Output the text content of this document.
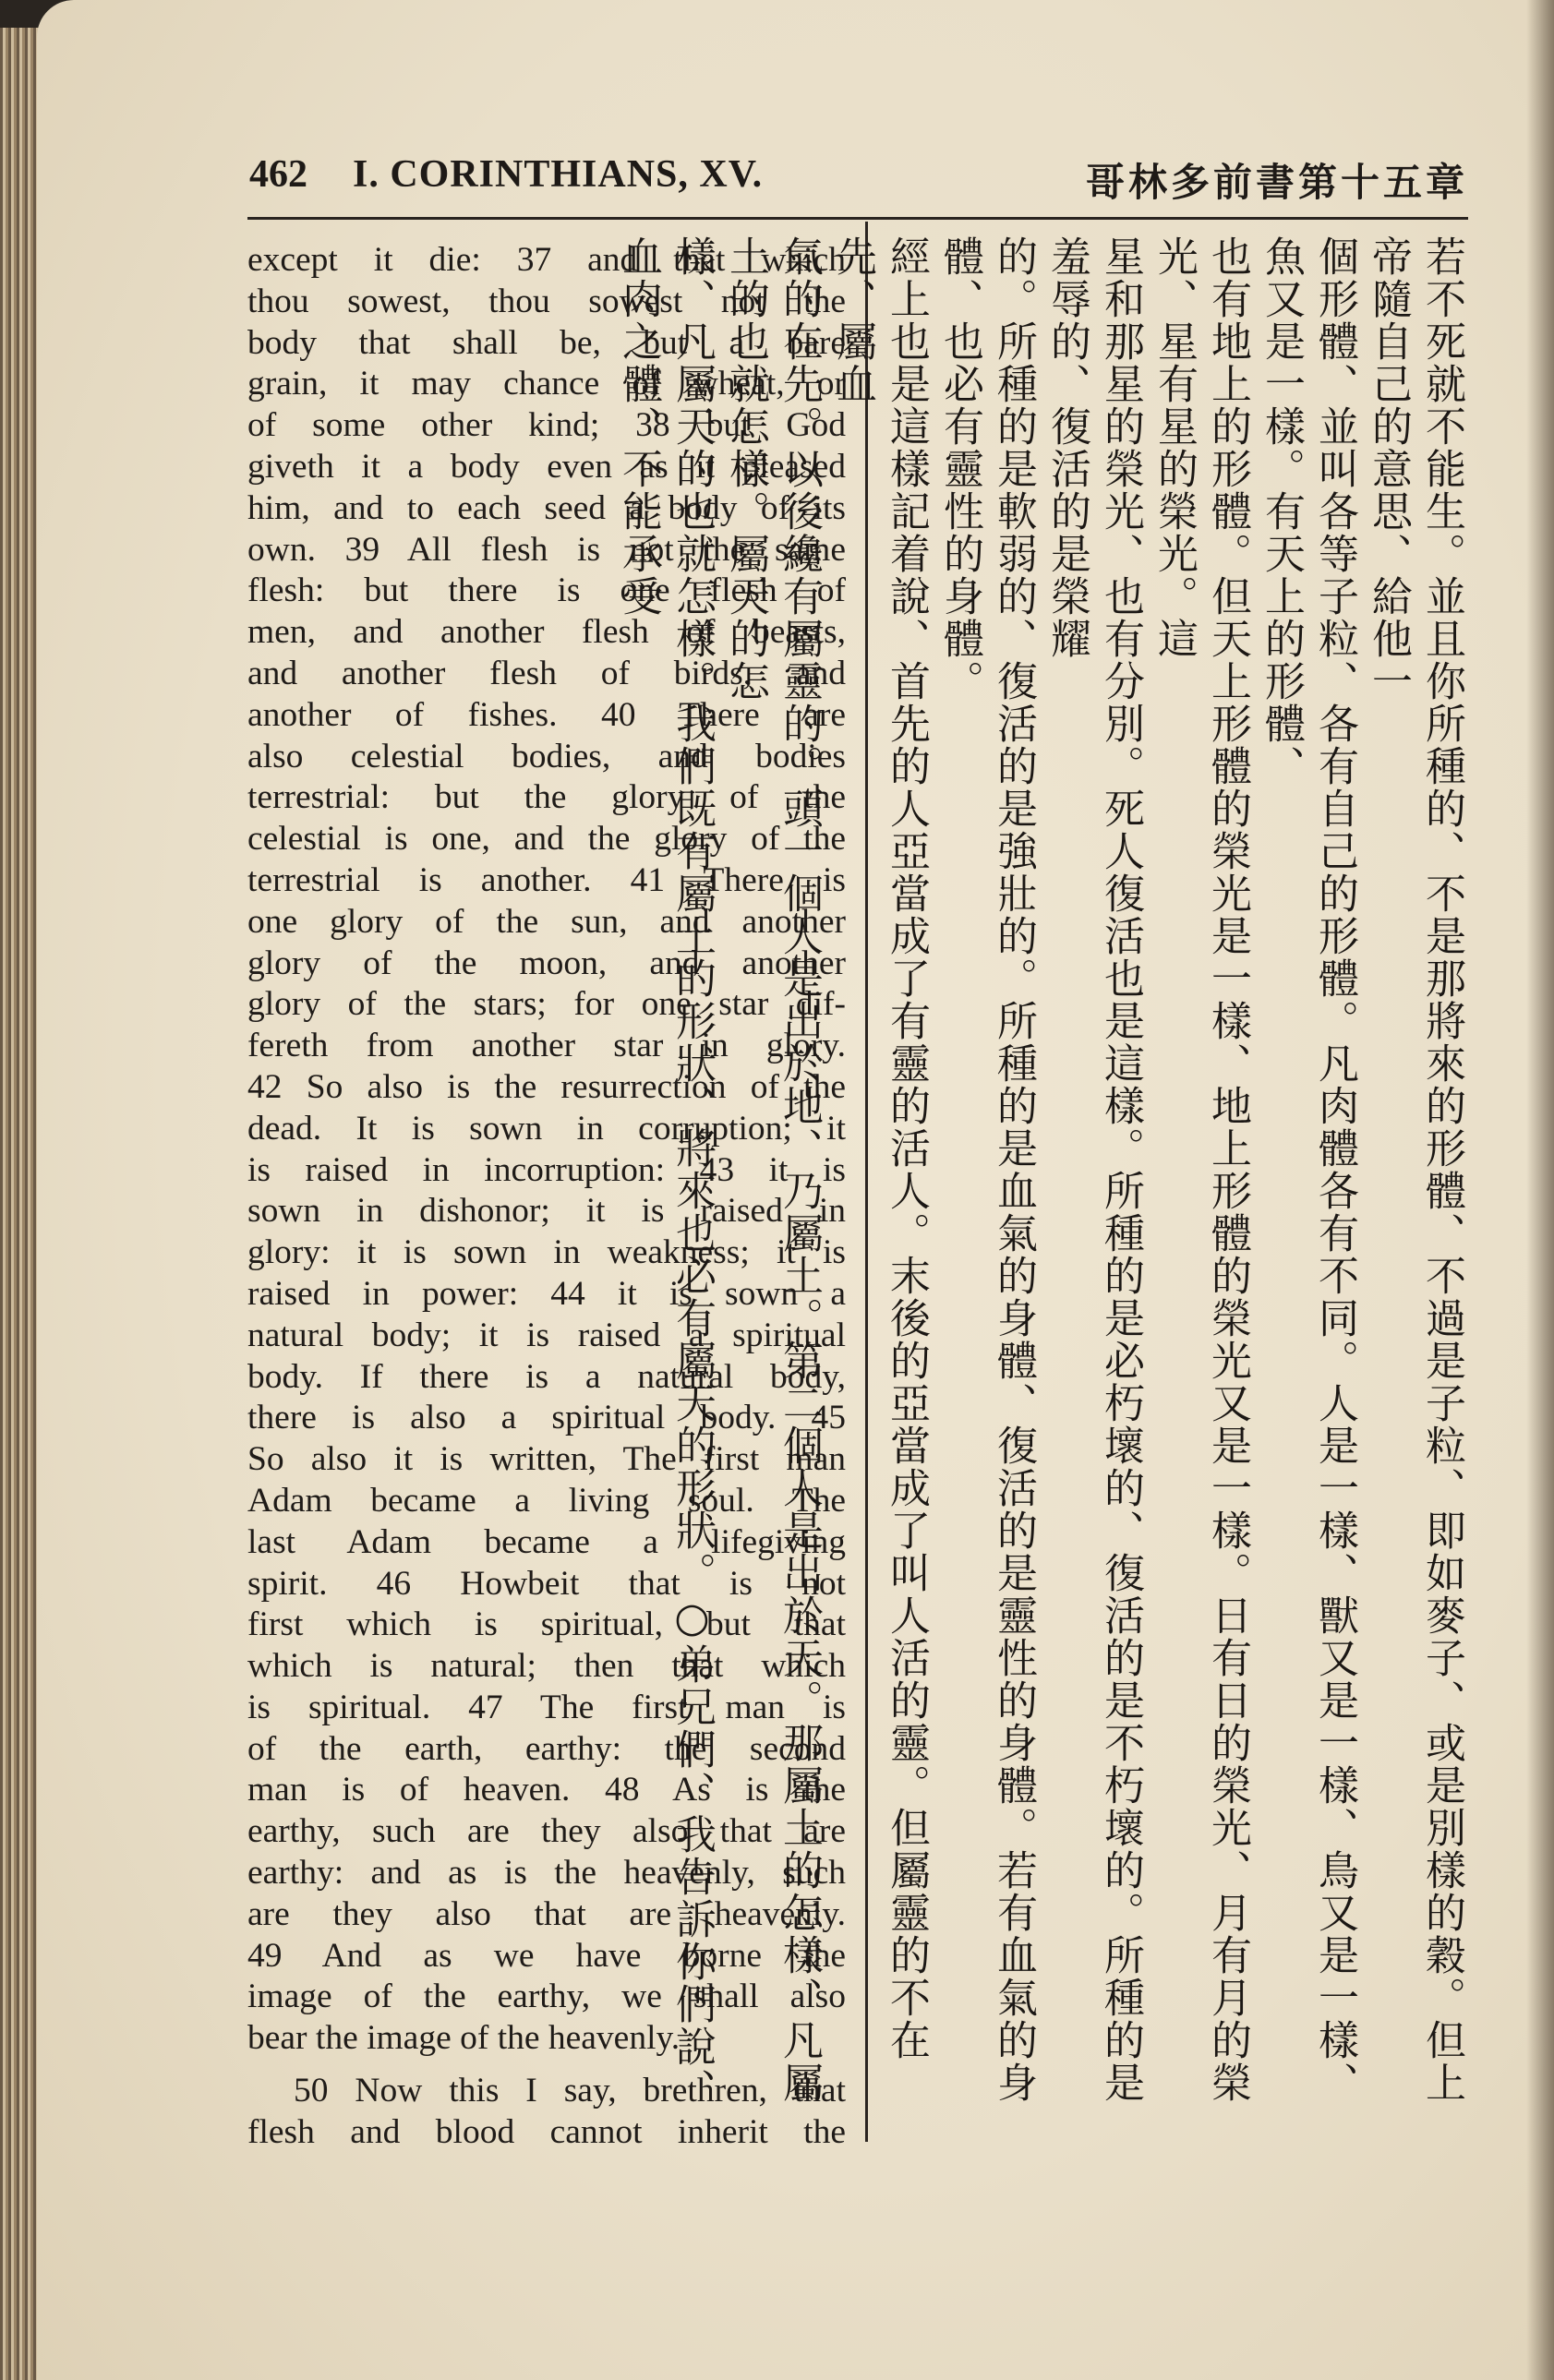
462 I. CORINTHIANS, XV.	哥林多前書第十五章
except it die: 37 and that which
thou sowest, thou sowest not the
body that shall be, but a bare
grain, it may chance of wheat, or
of some other kind; 38 but God
giveth it a body even as it pleased
him, and to each seed a body of its
own. 39 All flesh is not the same
flesh: but there is one flesh of
men, and another flesh of beasts,
and another flesh of birds, and
another of fishes. 40 There are
also celestial bodies, and bodies
terrestrial: but the glory of the
celestial is one, and the glory of the
terrestrial is another. 41 There is
one glory of the sun, and another
glory of the moon, and another
glory of the stars; for one star dif-
fereth from another star in glory.
42 So also is the resurrection of the
dead. It is sown in corruption; it
is raised in incorruption: 43 it is
sown in dishonor; it is raised in
glory: it is sown in weakness; it is
raised in power: 44 it is sown a
natural body; it is raised a spiritual
body. If there is a natural body,
there is also a spiritual body. 45
So also it is written, The first man
Adam became a living soul. The
last Adam became a lifegiving
spirit. 46 Howbeit that is not
first which is spiritual, but that
which is natural; then that which
is spiritual. 47 The first man is
of the earth, earthy: the second
man is of heaven. 48 As is the
earthy, such are they also that are
earthy: and as is the heavenly, such
are they also that are heavenly.
49 And as we have borne the
image of the earthy, we shall also
bear the image of the heavenly.
50 Now this I say, brethren, that
flesh and blood cannot inherit the
若不死就不能生。並且你所種的、不是那將來的形體、不過是子粒、即如麥子、或是別樣的穀。但上帝隨自己的意思、給他一
個形體、並叫各等子粒、各有自己的形體。凡肉體各有不同。人是一樣、獸又是一樣、鳥又是一樣、魚又是一樣。有天上的形體、
也有地上的形體。但天上形體的榮光是一樣、地上形體的榮光又是一樣。日有日的榮光、月有月的榮光、星有星的榮光。這
星和那星的榮光、也有分別。死人復活也是這樣。所種的是必朽壞的、復活的是不朽壞的。所種的是羞辱的、復活的是榮耀
的。所種的是軟弱的、復活的是強壯的。所種的是血氣的身體、復活的是靈性的身體。若有血氣的身體、也必有靈性的身體。
經上也是這樣記着說、首先的人亞當成了有靈的活人。末後的亞當成了叫人活的靈。但屬靈的不在先、屬血
氣的在先。以後纔有屬靈的。頭一個人是出於地、乃屬土。第二個人是出於天。那屬土的怎樣、凡屬土的也就怎樣。屬天的怎
樣、凡屬天的也就怎樣。我們既有屬土的形狀、將來也必有屬天的形狀。○弟兄們、我告訴你們說、血肉之體、不能承受
